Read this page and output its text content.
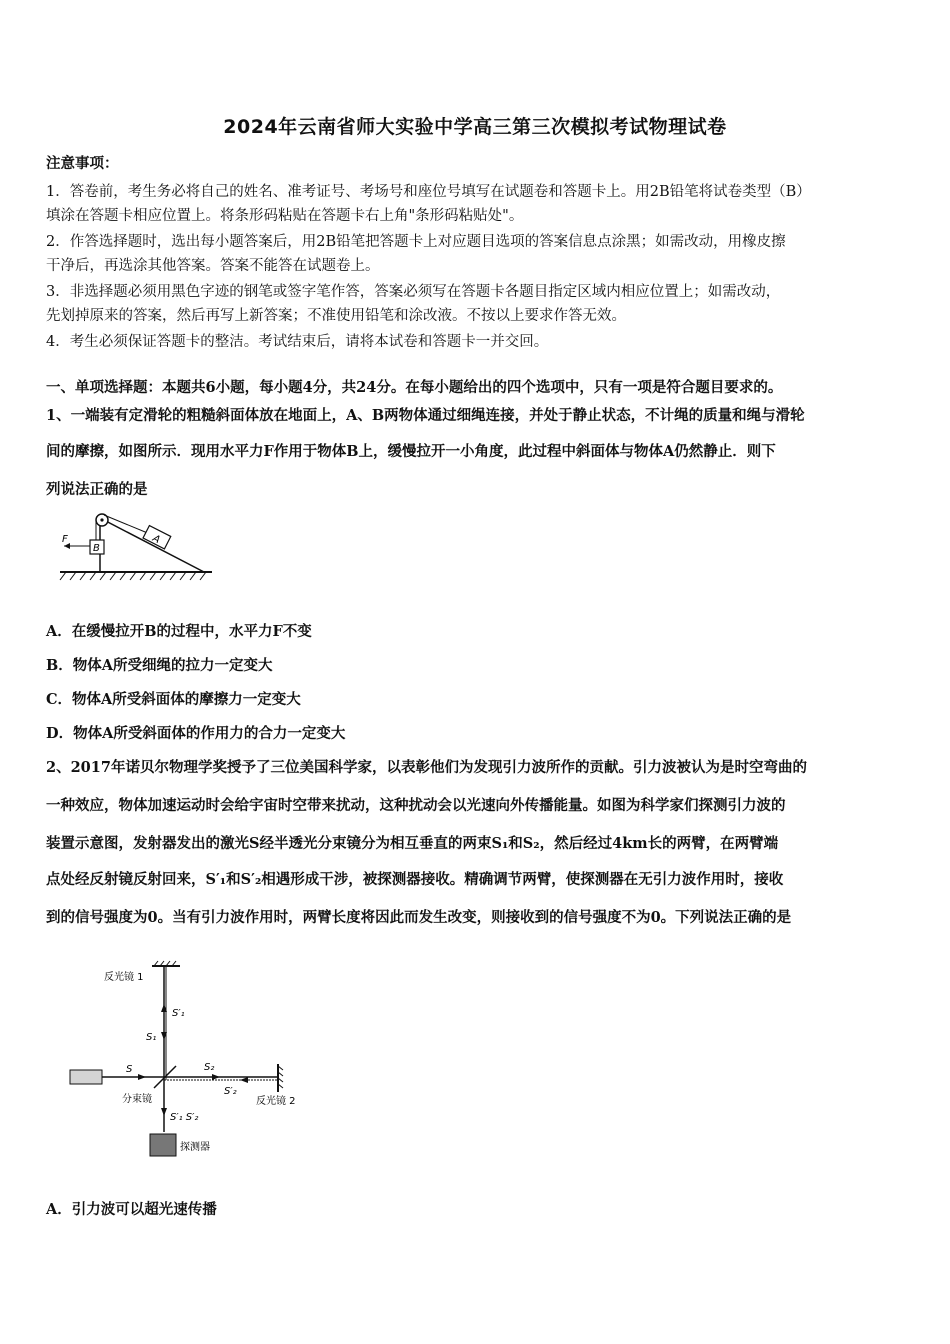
2024年云南省师大实验中学高三第三次模拟考试物理试卷
注意事项：
1．答卷前，考生务必将自己的姓名、准考证号、考场号和座位号填写在试题卷和答题卡上。用2B铅笔将试卷类型（B）
填涂在答题卡相应位置上。将条形码粘贴在答题卡右上角"条形码粘贴处"。
2．作答选择题时，选出每小题答案后，用2B铅笔把答题卡上对应题目选项的答案信息点涂黑；如需改动，用橡皮擦
干净后，再选涂其他答案。答案不能答在试题卷上。
3．非选择题必须用黑色字迹的钢笔或签字笔作答，答案必须写在答题卡各题目指定区域内相应位置上；如需改动，
先划掉原来的答案，然后再写上新答案；不准使用铅笔和涂改液。不按以上要求作答无效。
4．考生必须保证答题卡的整洁。考试结束后，请将本试卷和答题卡一并交回。
一、单项选择题：本题共6小题，每小题4分，共24分。在每小题给出的四个选项中，只有一项是符合题目要求的。
1、一端装有定滑轮的粗糙斜面体放在地面上，A、B两物体通过细绳连接，并处于静止状态，不计绳的质量和绳与滑轮
间的摩擦，如图所示．现用水平力F作用于物体B上，缓慢拉开一小角度，此过程中斜面体与物体A仍然静止．则下
列说法正确的是
A
B
F
A．在缓慢拉开B的过程中，水平力F不变
B．物体A所受细绳的拉力一定变大
C．物体A所受斜面体的摩擦力一定变大
D．物体A所受斜面体的作用力的合力一定变大
2、2017年诺贝尔物理学奖授予了三位美国科学家，以表彰他们为发现引力波所作的贡献。引力波被认为是时空弯曲的
一种效应，物体加速运动时会给宇宙时空带来扰动，这种扰动会以光速向外传播能量。如图为科学家们探测引力波的
装置示意图，发射器发出的激光S经半透光分束镜分为相互垂直的两束S₁和S₂，然后经过4km长的两臂，在两臂端
点处经反射镜反射回来，S′₁和S′₂相遇形成干涉，被探测器接收。精确调节两臂，使探测器在无引力波作用时，接收
到的信号强度为0。当有引力波作用时，两臂长度将因此而发生改变，则接收到的信号强度不为0。下列说法正确的是
反光镜 1
S′₁
S₁
S
分束镜
S₂
S′₂
反光镜 2
S′₁ S′₂
探测器
A．引力波可以超光速传播
